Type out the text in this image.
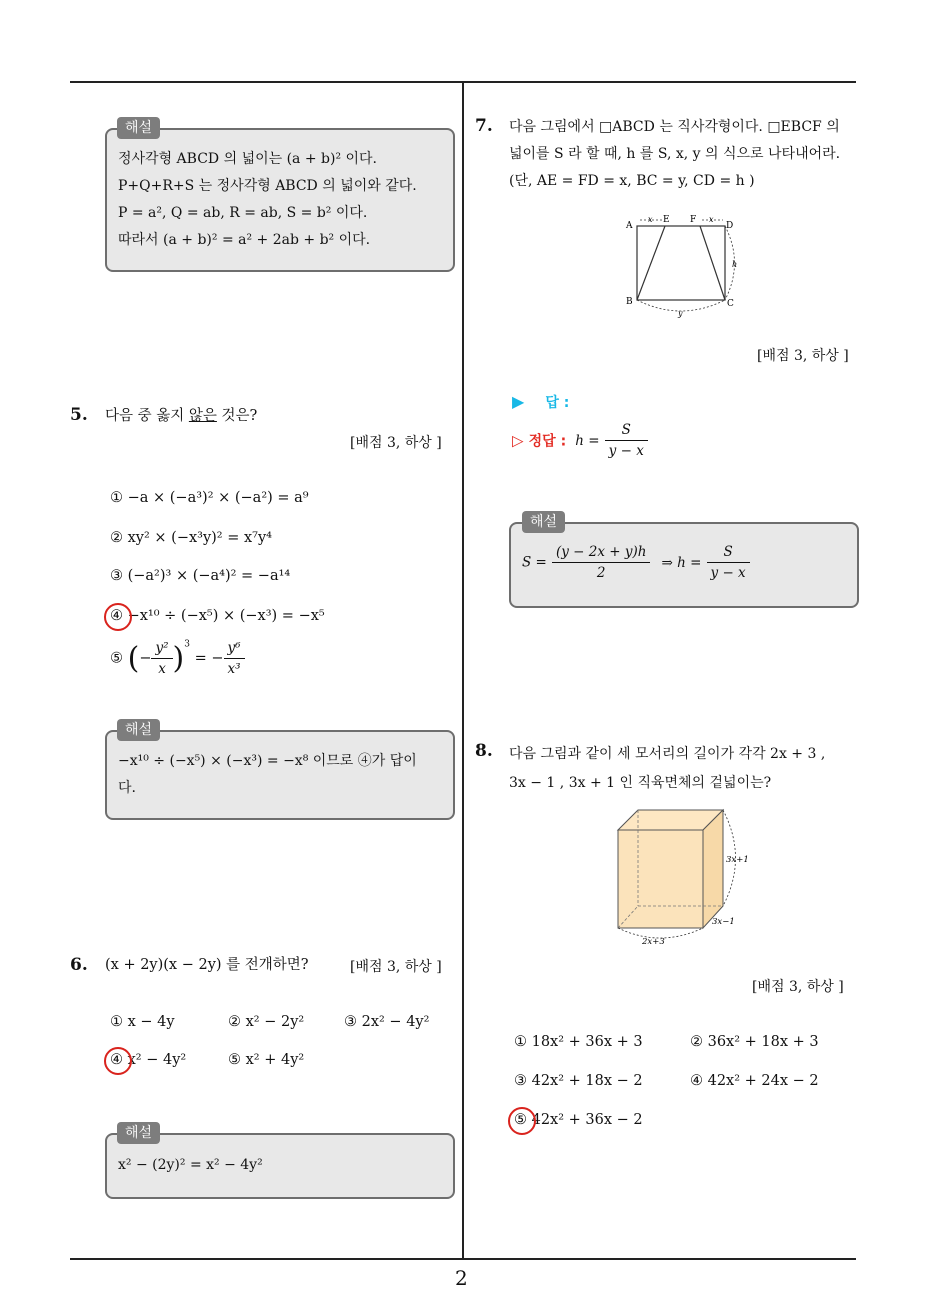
2
해설
정사각형 ABCD 의 넓이는 (a + b)² 이다.
P+Q+R+S 는 정사각형 ABCD 의 넓이와 같다.
P = a², Q = ab, R = ab, S = b² 이다.
따라서 (a + b)² = a² + 2ab + b² 이다.
5. 다음 중 옳지 않은 것은?
[배점 3, 하상 ]
① −a × (−a³)² × (−a²) = a⁹
② xy² × (−x³y)² = x⁷y⁴
③ (−a²)³ × (−a⁴)² = −a¹⁴
④ −x¹⁰ ÷ (−x⁵) × (−x³) = −x⁵
⑤ (− $\frac{\text{y²}}{x} )^3$ = − $\frac{\text{y⁶}}{\text{x³}}$
해설
−x¹⁰ ÷ (−x⁵) × (−x³) = −x⁸ 이므로 ④가 답이
다.
6. (x + 2y)(x − 2y) 를 전개하면?	[배점 3, 하상 ]
① x − 4y	② x² − 2y²	③ 2x² − 4y²
④ x² − 4y²	⑤ x² + 4y²
해설
x² − (2y)² = x² − 4y²
7. 다음 그림에서 □ABCD 는 직사각형이다. □EBCF 의
넓이를 S 라 할 때, h 를 S, x, y 의 식으로 나타내어라.
(단, AE = FD = x, BC = y, CD = h )
A
E F
D
B	C
x	x
y
h
[배점 3, 하상 ]
▶ 답 :
▷ 정답 : $h = \frac{S}{y - x}$
해설
$S = \frac{(y - 2x + y)h}{2}$ ⇒ $h = \frac{S}{y - x}$
8. 다음 그림과 같이 세 모서리의 길이가 각각 2x + 3 ,
3x − 1 , 3x + 1 인 직육면체의 겉넓이는?
3x+1
3x−1
2x+3
[배점 3, 하상 ]
① 18x² + 36x + 3	② 36x² + 18x + 3
③ 42x² + 18x − 2	④ 42x² + 24x − 2
⑤ 42x² + 36x − 2
